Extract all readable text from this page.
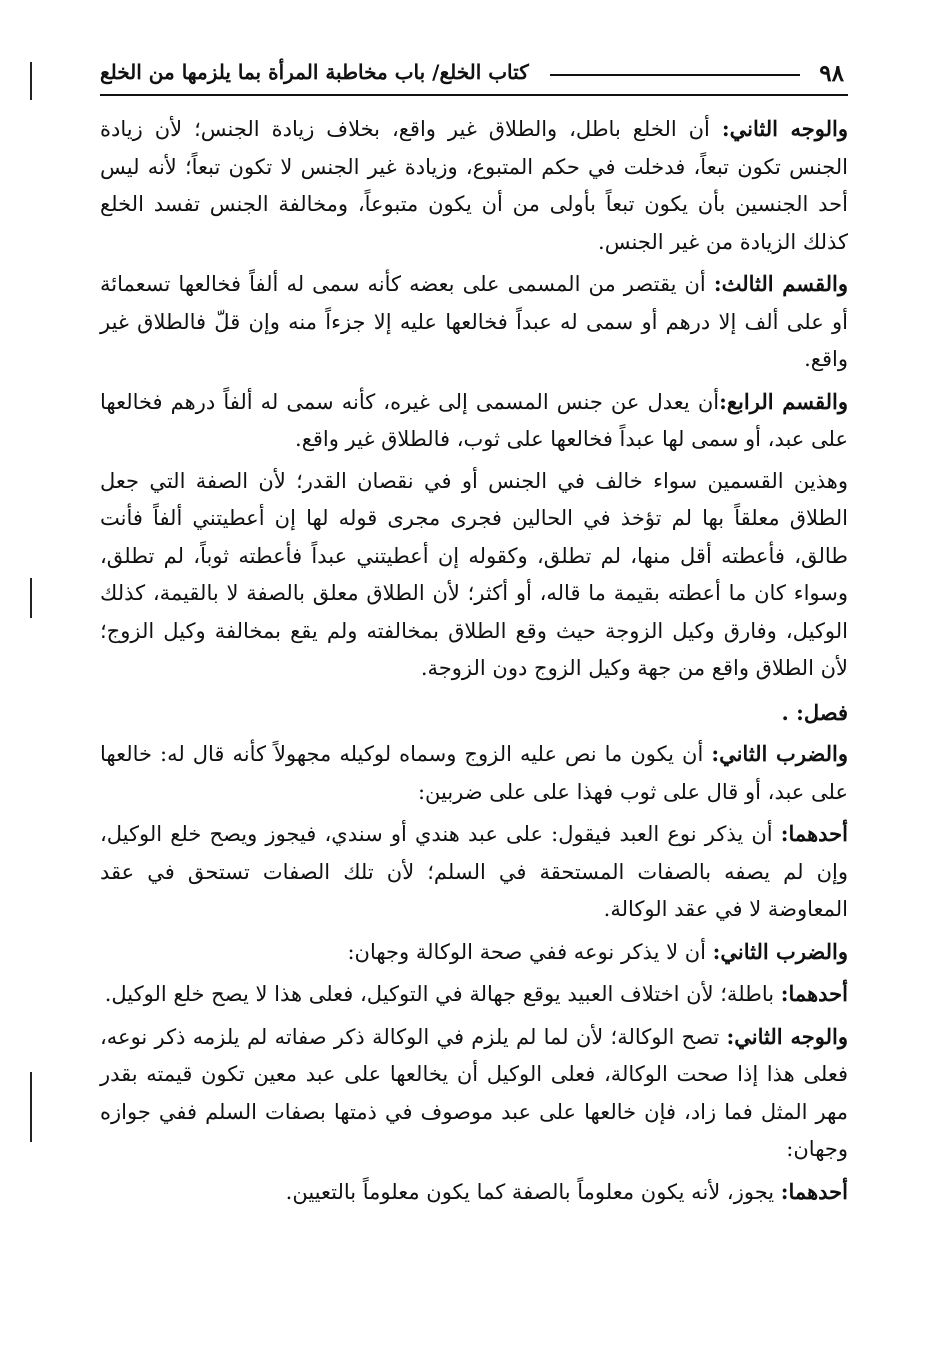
٩٨
كتاب الخلع/ باب مخاطبة المرأة بما يلزمها من الخلع

والوجه الثاني: أن الخلع باطل، والطلاق غير واقع، بخلاف زيادة الجنس؛ لأن زيادة الجنس تكون تبعاً، فدخلت في حكم المتبوع، وزيادة غير الجنس لا تكون تبعاً؛ لأنه ليس أحد الجنسين بأن يكون تبعاً بأولى من أن يكون متبوعاً، ومخالفة الجنس تفسد الخلع كذلك الزيادة من غير الجنس.

والقسم الثالث: أن يقتصر من المسمى على بعضه كأنه سمى له ألفاً فخالعها تسعمائة أو على ألف إلا درهم أو سمى له عبداً فخالعها عليه إلا جزءاً منه وإن قلّ فالطلاق غير واقع.

والقسم الرابع:أن يعدل عن جنس المسمى إلى غيره، كأنه سمى له ألفاً درهم فخالعها على عبد، أو سمى لها عبداً فخالعها على ثوب، فالطلاق غير واقع.

وهذين القسمين سواء خالف في الجنس أو في نقصان القدر؛ لأن الصفة التي جعل الطلاق معلقاً بها لم تؤخذ في الحالين فجرى مجرى قوله لها إن أعطيتني ألفاً فأنت طالق، فأعطته أقل منها، لم تطلق، وكقوله إن أعطيتني عبداً فأعطته ثوباً، لم تطلق، وسواء كان ما أعطته بقيمة ما قاله، أو أكثر؛ لأن الطلاق معلق بالصفة لا بالقيمة، كذلك الوكيل، وفارق وكيل الزوجة حيث وقع الطلاق بمخالفته ولم يقع بمخالفة وكيل الزوج؛ لأن الطلاق واقع من جهة وكيل الزوج دون الزوجة.

فصل: .

والضرب الثاني: أن يكون ما نص عليه الزوج وسماه لوكيله مجهولاً كأنه قال له: خالعها على عبد، أو قال على ثوب فهذا على على ضربين:

أحدهما: أن يذكر نوع العبد فيقول: على عبد هندي أو سندي، فيجوز ويصح خلع الوكيل، وإن لم يصفه بالصفات المستحقة في السلم؛ لأن تلك الصفات تستحق في عقد المعاوضة لا في عقد الوكالة.

والضرب الثاني: أن لا يذكر نوعه ففي صحة الوكالة وجهان:

أحدهما: باطلة؛ لأن اختلاف العبيد يوقع جهالة في التوكيل، فعلى هذا لا يصح خلع الوكيل.

والوجه الثاني: تصح الوكالة؛ لأن لما لم يلزم في الوكالة ذكر صفاته لم يلزمه ذكر نوعه، فعلى هذا إذا صحت الوكالة، فعلى الوكيل أن يخالعها على عبد معين تكون قيمته بقدر مهر المثل فما زاد، فإن خالعها على عبد موصوف في ذمتها بصفات السلم ففي جوازه وجهان:

أحدهما: يجوز، لأنه يكون معلوماً بالصفة كما يكون معلوماً بالتعيين.
